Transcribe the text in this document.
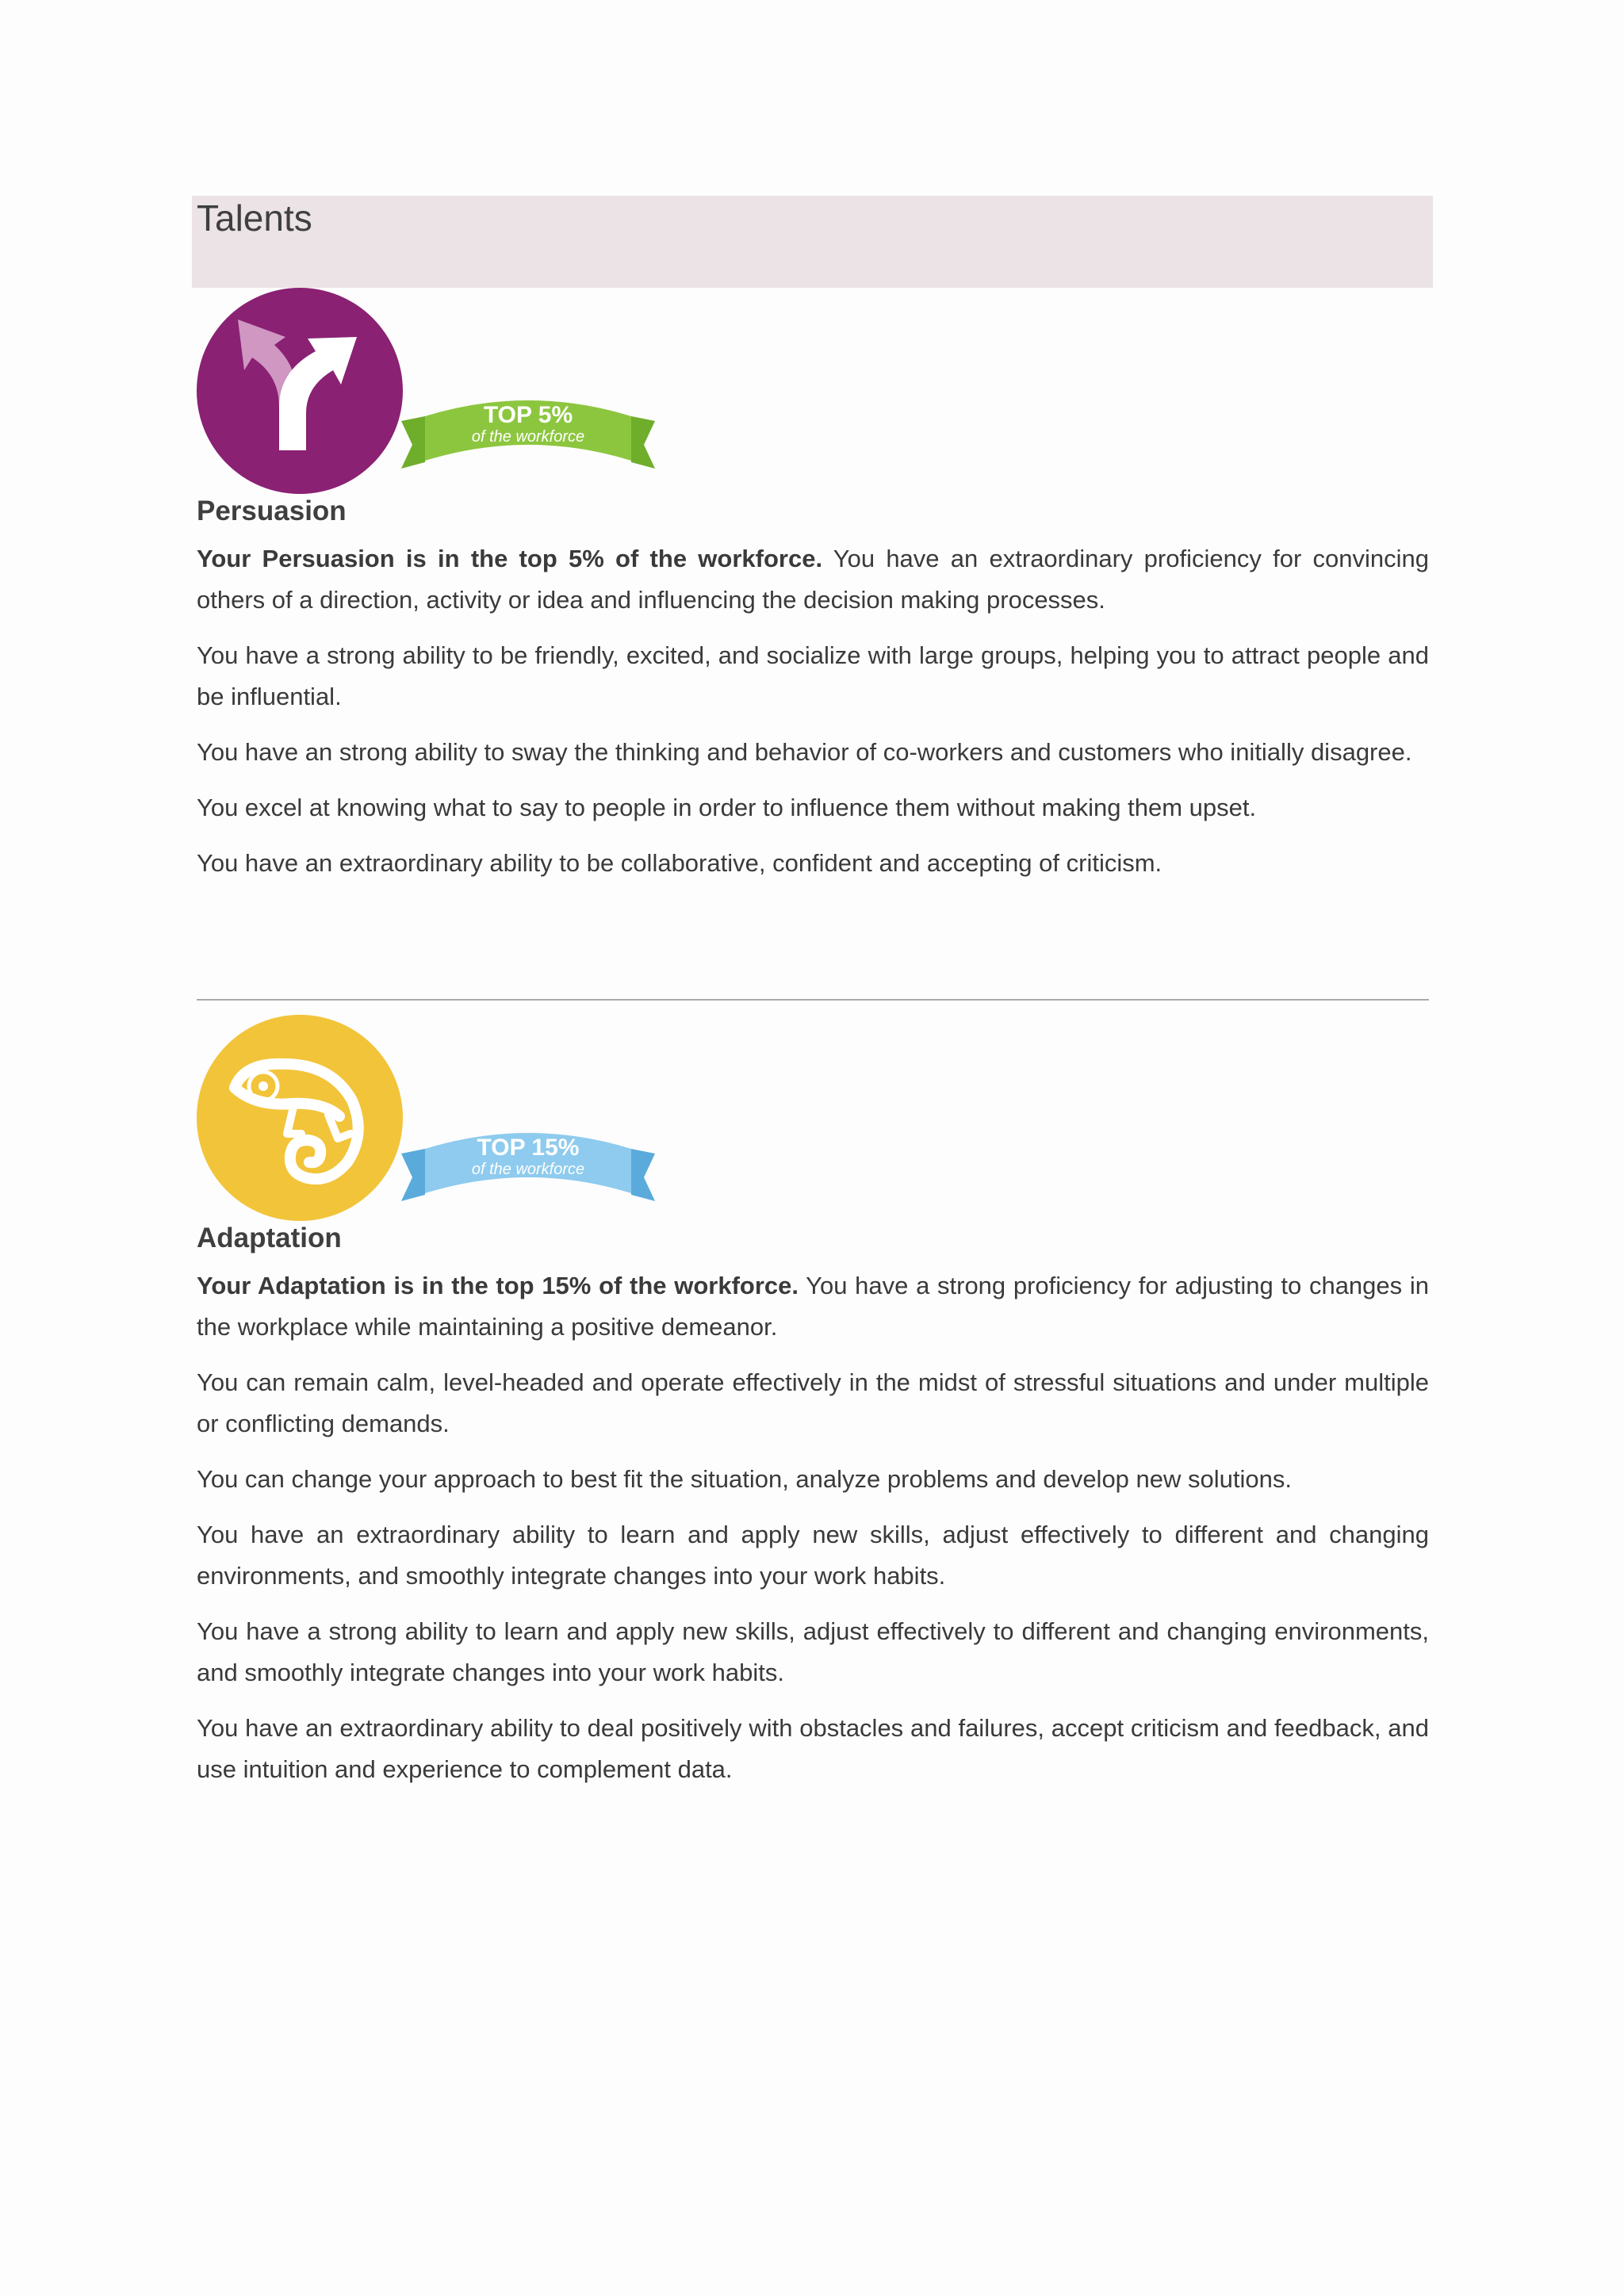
Talents
TOP 5%
of the workforce
Persuasion

Your Persuasion is in the top 5% of the workforce. You have an extraordinary proficiency for convincing others of a direction, activity or idea and influencing the decision making processes.

You have a strong ability to be friendly, excited, and socialize with large groups, helping you to attract people and be influential.

You have an strong ability to sway the thinking and behavior of co-workers and customers who initially disagree.

You excel at knowing what to say to people in order to influence them without making them upset.

You have an extraordinary ability to be collaborative, confident and accepting of criticism.

TOP 15%
of the workforce
Adaptation

Your Adaptation is in the top 15% of the workforce. You have a strong proficiency for adjusting to changes in the workplace while maintaining a positive demeanor.

You can remain calm, level-headed and operate effectively in the midst of stressful situations and under multiple or conflicting demands.

You can change your approach to best fit the situation, analyze problems and develop new solutions.

You have an extraordinary ability to learn and apply new skills, adjust effectively to different and changing environments, and smoothly integrate changes into your work habits.

You have a strong ability to learn and apply new skills, adjust effectively to different and changing environments, and smoothly integrate changes into your work habits.

You have an extraordinary ability to deal positively with obstacles and failures, accept criticism and feedback, and use intuition and experience to complement data.
